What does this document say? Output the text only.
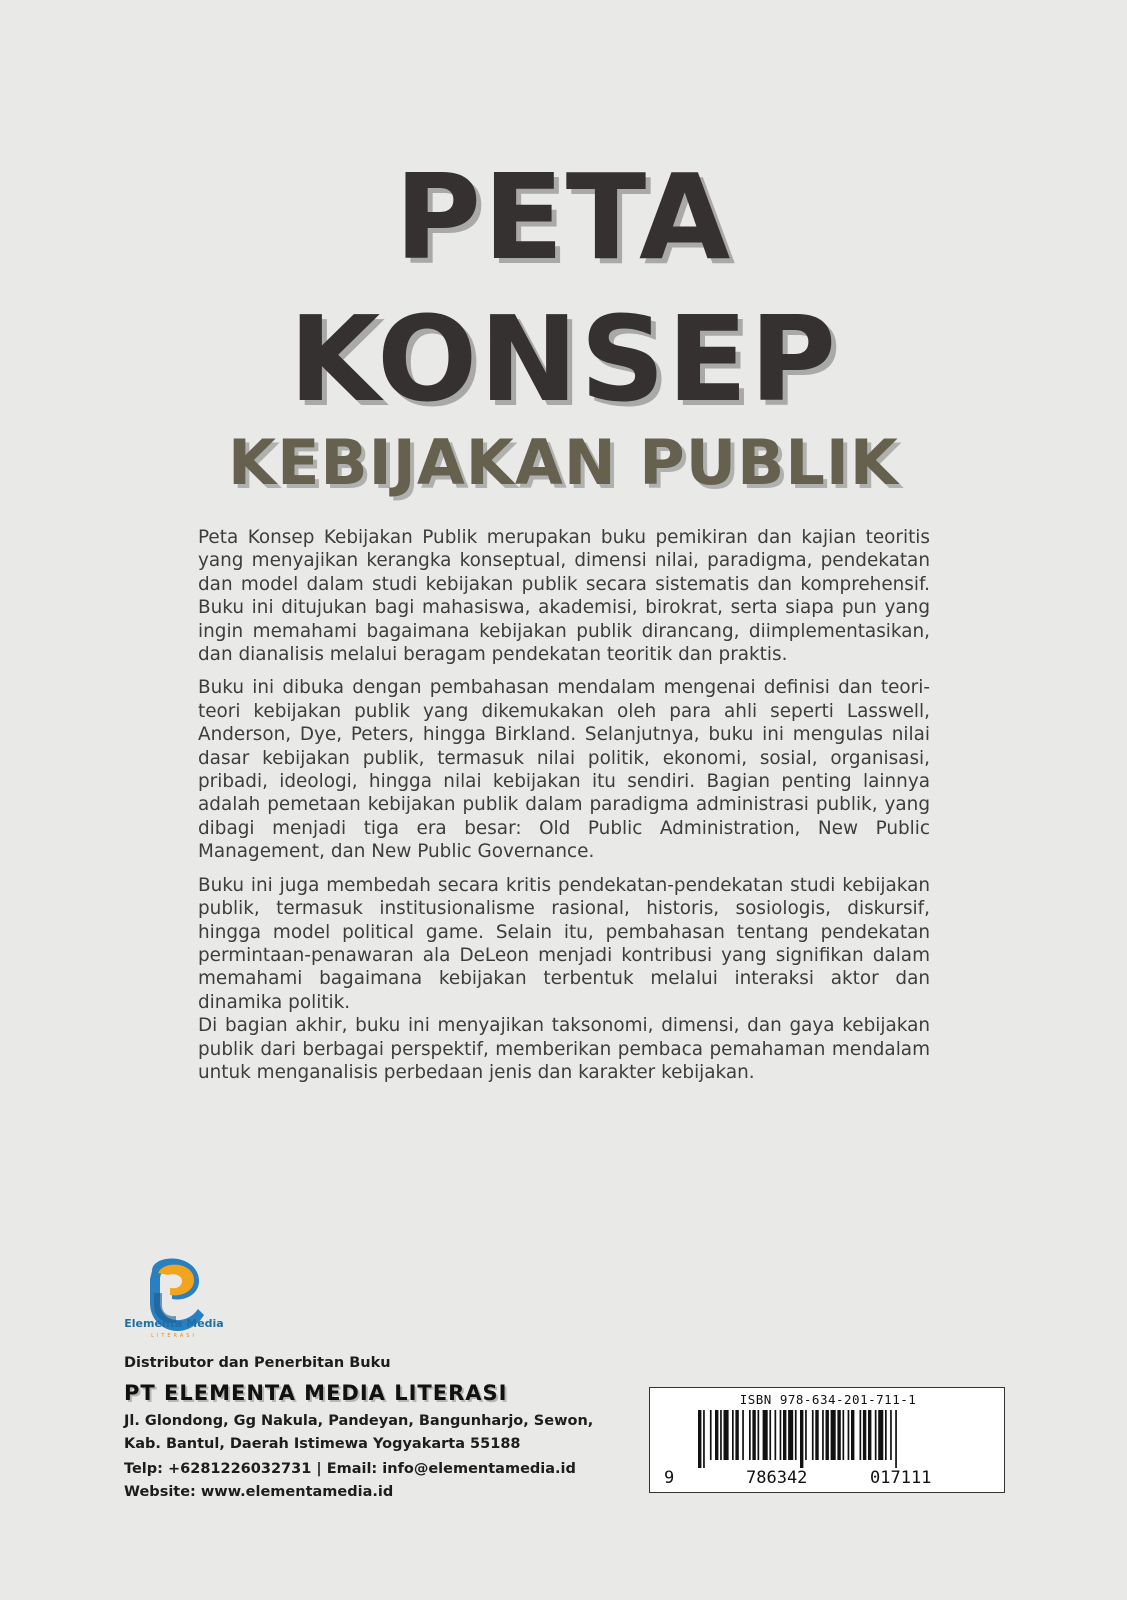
PETA
KONSEP
KEBIJAKAN PUBLIK

Peta Konsep Kebijakan Publik merupakan buku pemikiran dan kajian teoritis yang menyajikan kerangka konseptual, dimensi nilai, paradigma, pendekatan dan model dalam studi kebijakan publik secara sistematis dan komprehensif. Buku ini ditujukan bagi mahasiswa, akademisi, birokrat, serta siapa pun yang ingin memahami bagaimana kebijakan publik dirancang, diimplementasikan, dan dianalisis melalui beragam pendekatan teoritik dan praktis.

Buku ini dibuka dengan pembahasan mendalam mengenai definisi dan teori-teori kebijakan publik yang dikemukakan oleh para ahli seperti Lasswell, Anderson, Dye, Peters, hingga Birkland. Selanjutnya, buku ini mengulas nilai dasar kebijakan publik, termasuk nilai politik, ekonomi, sosial, organisasi, pribadi, ideologi, hingga nilai kebijakan itu sendiri. Bagian penting lainnya adalah pemetaan kebijakan publik dalam paradigma administrasi publik, yang dibagi menjadi tiga era besar: Old Public Administration, New Public Management, dan New Public Governance.

Buku ini juga membedah secara kritis pendekatan-pendekatan studi kebijakan publik, termasuk institusionalisme rasional, historis, sosiologis, diskursif, hingga model political game. Selain itu, pembahasan tentang pendekatan permintaan-penawaran ala DeLeon menjadi kontribusi yang signifikan dalam memahami bagaimana kebijakan terbentuk melalui interaksi aktor dan dinamika politik.

Di bagian akhir, buku ini menyajikan taksonomi, dimensi, dan gaya kebijakan publik dari berbagai perspektif, memberikan pembaca pemahaman mendalam untuk menganalisis perbedaan jenis dan karakter kebijakan.

Elementa Media
LITERASI
Distributor dan Penerbitan Buku
PT ELEMENTA MEDIA LITERASI
Jl. Glondong, Gg Nakula, Pandeyan, Bangunharjo, Sewon,
Kab. Bantul, Daerah Istimewa Yogyakarta 55188
Telp: +6281226032731 | Email: info@elementamedia.id
Website: www.elementamedia.id
ISBN 978-634-201-711-1
9	786342	017111
